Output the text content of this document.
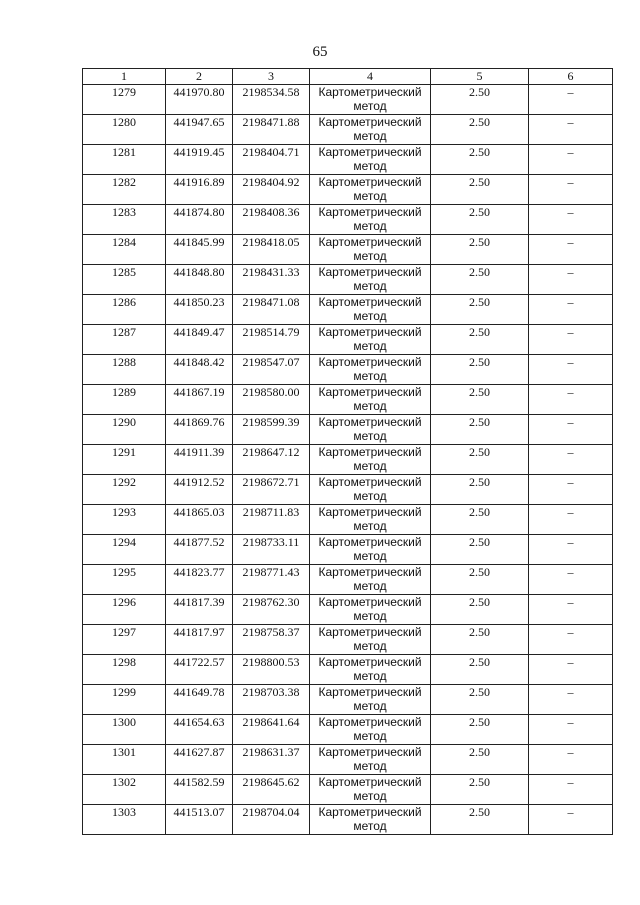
65
1	2	3	4	5	6
1279	441970.80	2198534.58	Картометрический метод	2.50	–
1280	441947.65	2198471.88	Картометрический метод	2.50	–
1281	441919.45	2198404.71	Картометрический метод	2.50	–
1282	441916.89	2198404.92	Картометрический метод	2.50	–
1283	441874.80	2198408.36	Картометрический метод	2.50	–
1284	441845.99	2198418.05	Картометрический метод	2.50	–
1285	441848.80	2198431.33	Картометрический метод	2.50	–
1286	441850.23	2198471.08	Картометрический метод	2.50	–
1287	441849.47	2198514.79	Картометрический метод	2.50	–
1288	441848.42	2198547.07	Картометрический метод	2.50	–
1289	441867.19	2198580.00	Картометрический метод	2.50	–
1290	441869.76	2198599.39	Картометрический метод	2.50	–
1291	441911.39	2198647.12	Картометрический метод	2.50	–
1292	441912.52	2198672.71	Картометрический метод	2.50	–
1293	441865.03	2198711.83	Картометрический метод	2.50	–
1294	441877.52	2198733.11	Картометрический метод	2.50	–
1295	441823.77	2198771.43	Картометрический метод	2.50	–
1296	441817.39	2198762.30	Картометрический метод	2.50	–
1297	441817.97	2198758.37	Картометрический метод	2.50	–
1298	441722.57	2198800.53	Картометрический метод	2.50	–
1299	441649.78	2198703.38	Картометрический метод	2.50	–
1300	441654.63	2198641.64	Картометрический метод	2.50	–
1301	441627.87	2198631.37	Картометрический метод	2.50	–
1302	441582.59	2198645.62	Картометрический метод	2.50	–
1303	441513.07	2198704.04	Картометрический метод	2.50	–
